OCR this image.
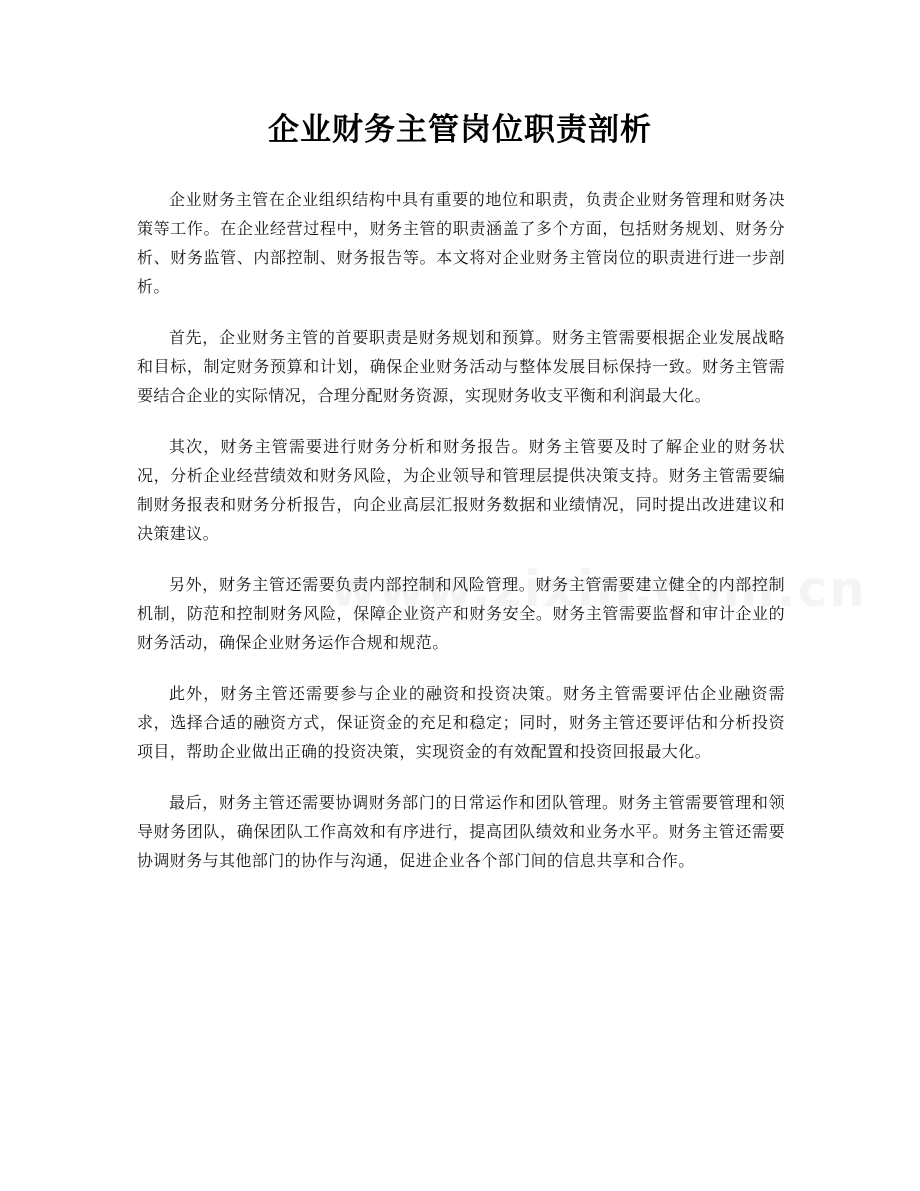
企业财务主管岗位职责剖析

企业财务主管在企业组织结构中具有重要的地位和职责，负责企业财务管理和财务决策等工作。在企业经营过程中，财务主管的职责涵盖了多个方面，包括财务规划、财务分析、财务监管、内部控制、财务报告等。本文将对企业财务主管岗位的职责进行进一步剖析。

首先，企业财务主管的首要职责是财务规划和预算。财务主管需要根据企业发展战略和目标，制定财务预算和计划，确保企业财务活动与整体发展目标保持一致。财务主管需要结合企业的实际情况，合理分配财务资源，实现财务收支平衡和利润最大化。

其次，财务主管需要进行财务分析和财务报告。财务主管要及时了解企业的财务状况，分析企业经营绩效和财务风险，为企业领导和管理层提供决策支持。财务主管需要编制财务报表和财务分析报告，向企业高层汇报财务数据和业绩情况，同时提出改进建议和决策建议。

另外，财务主管还需要负责内部控制和风险管理。财务主管需要建立健全的内部控制机制，防范和控制财务风险，保障企业资产和财务安全。财务主管需要监督和审计企业的财务活动，确保企业财务运作合规和规范。

此外，财务主管还需要参与企业的融资和投资决策。财务主管需要评估企业融资需求，选择合适的融资方式，保证资金的充足和稳定；同时，财务主管还要评估和分析投资项目，帮助企业做出正确的投资决策，实现资金的有效配置和投资回报最大化。

最后，财务主管还需要协调财务部门的日常运作和团队管理。财务主管需要管理和领导财务团队，确保团队工作高效和有序进行，提高团队绩效和业务水平。财务主管还需要协调财务与其他部门的协作与沟通，促进企业各个部门间的信息共享和合作。
